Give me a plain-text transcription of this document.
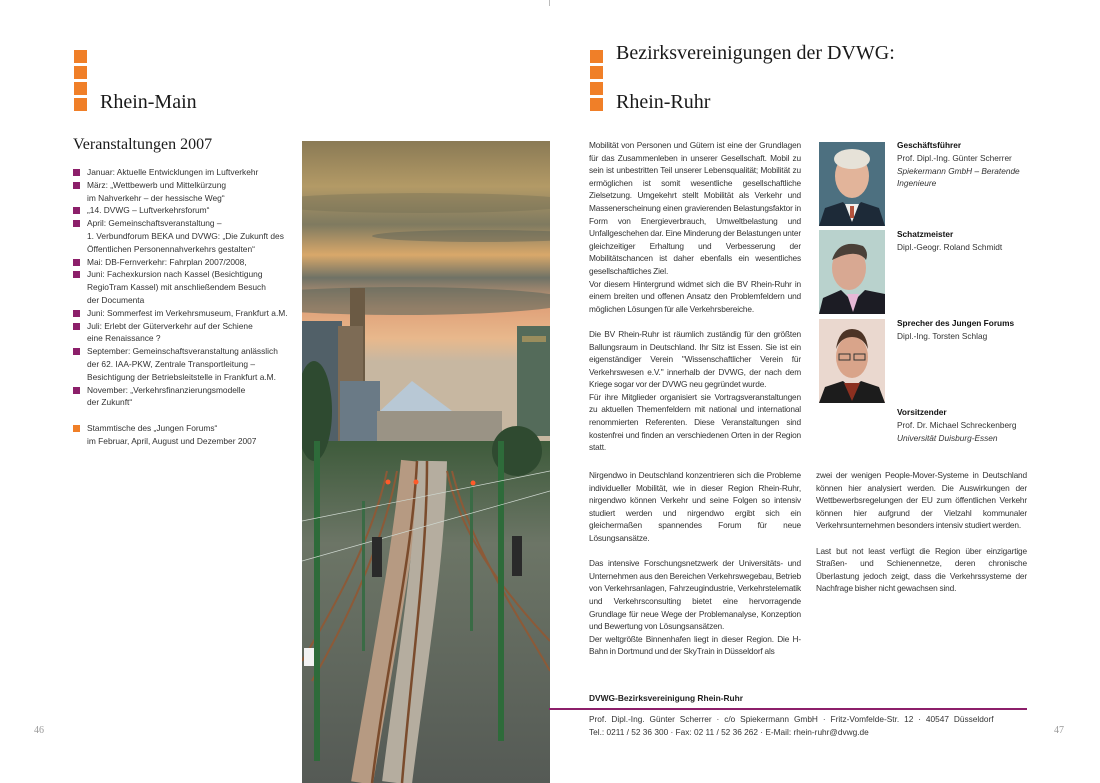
Rhein-Main
Veranstaltungen 2007
Januar: Aktuelle Entwicklungen im Luftverkehr
März: „Wettbewerb und Mittelkürzung
im Nahverkehr – der hessische Weg“
„14. DVWG – Luftverkehrsforum“
April: Gemeinschaftsveranstaltung –
1. Verbundforum BEKA und DVWG: „Die Zukunft des
Öffentlichen Personennahverkehrs gestalten“
Mai: DB-Fernverkehr: Fahrplan 2007/2008,
Juni: Fachexkursion nach Kassel (Besichtigung
RegioTram Kassel) mit anschließendem Besuch
der Documenta
Juni: Sommerfest im Verkehrsmuseum, Frankfurt a.M.
Juli: Erlebt der Güterverkehr auf der Schiene
eine Renaissance ?
September: Gemeinschaftsveranstaltung anlässlich
der 62. IAA-PKW, Zentrale Transportleitung –
Besichtigung der Betriebsleitstelle in Frankfurt a.M.
November: „Verkehrsfinanzierungsmodelle
der Zukunft“
Stammtische des „Jungen Forums“
im Februar, April, August und Dezember 2007
46
Bezirksvereinigungen der DVWG:
Rhein-Ruhr

Mobilität von Personen und Gütern ist eine der Grundlagen für das Zusammenleben in unserer Gesellschaft. Mobil zu sein ist unbestritten Teil unserer Lebensqualität; Mobilität zu ermöglichen ist somit wesentliche gesellschaftliche Zielsetzung. Umgekehrt stellt Mobilität als Verkehr und Massenerscheinung einen gravierenden Belastungsfaktor in Form von Energieverbrauch, Umweltbelastung und Unfallgeschehen dar. Eine Minderung der Belastungen unter gleichzeitiger Erhaltung und Verbesserung der Mobilitätschancen ist daher ebenfalls ein wesentliches gesellschaftliches Ziel.

Vor diesem Hintergrund widmet sich die BV Rhein-Ruhr in einem breiten und offenen Ansatz den Problemfeldern und möglichen Lösungen für alle Verkehrsbereiche.

Die BV Rhein-Ruhr ist räumlich zuständig für den größten Ballungsraum in Deutschland. Ihr Sitz ist Essen. Sie ist ein eigenständiger Verein "Wissenschaftlicher Verein für Verkehrswesen e.V." innerhalb der DVWG, der nach dem Kriege sogar vor der DVWG neu gegründet wurde.

Für ihre Mitglieder organisiert sie Vortragsveranstaltungen zu aktuellen Themenfeldern mit national und international renommierten Referenten. Diese Veranstaltungen sind kostenfrei und finden an verschiedenen Orten in der Region statt.

Nirgendwo in Deutschland konzentrieren sich die Probleme individueller Mobilität, wie in dieser Region Rhein-Ruhr, nirgendwo können Verkehr und seine Folgen so intensiv studiert werden und nirgendwo ergibt sich ein gleichermaßen spannendes Forum für neue Lösungsansätze.

Das intensive Forschungsnetzwerk der Universitäts- und Unternehmen aus den Bereichen Verkehrswegebau, Betrieb von Verkehrsanlagen, Fahrzeugindustrie, Verkehrstelematik und Verkehrsconsulting bietet eine hervorragende Grundlage für neue Wege der Problemanalyse, Konzeption und Bewertung von Lösungsansätzen.

Der weltgrößte Binnenhafen liegt in dieser Region. Die H-Bahn in Dortmund und der SkyTrain in Düsseldorf als

zwei der wenigen People-Mover-Systeme in Deutschland können hier analysiert werden. Die Auswirkungen der Wettbewerbsregelungen der EU zum öffentlichen Verkehr können hier aufgrund der Vielzahl kommunaler Verkehrsunternehmen besonders intensiv studiert werden.

Last but not least verfügt die Region über einzigartige Straßen- und Schienennetze, deren chronische Überlastung jedoch zeigt, dass die Verkehrssysteme der Nachfrage bisher nicht gewachsen sind.

Geschäftsführer
Prof. Dipl.-Ing. Günter Scherrer
Spiekermann GmbH – Beratende Ingenieure
Schatzmeister
Dipl.-Geogr. Roland Schmidt
Sprecher des Jungen Forums
Dipl.-Ing. Torsten Schlag
Vorsitzender
Prof. Dr. Michael Schreckenberg
Universität Duisburg-Essen
DVWG-Bezirksvereinigung Rhein-Ruhr
Prof. Dipl.-Ing. Günter Scherrer · c/o Spiekermann GmbH · Fritz-Vomfelde-Str. 12 · 40547 Düsseldorf
Tel.: 0211 / 52 36 300 · Fax: 02 11 / 52 36 262 · E-Mail: rhein-ruhr@dvwg.de	47
